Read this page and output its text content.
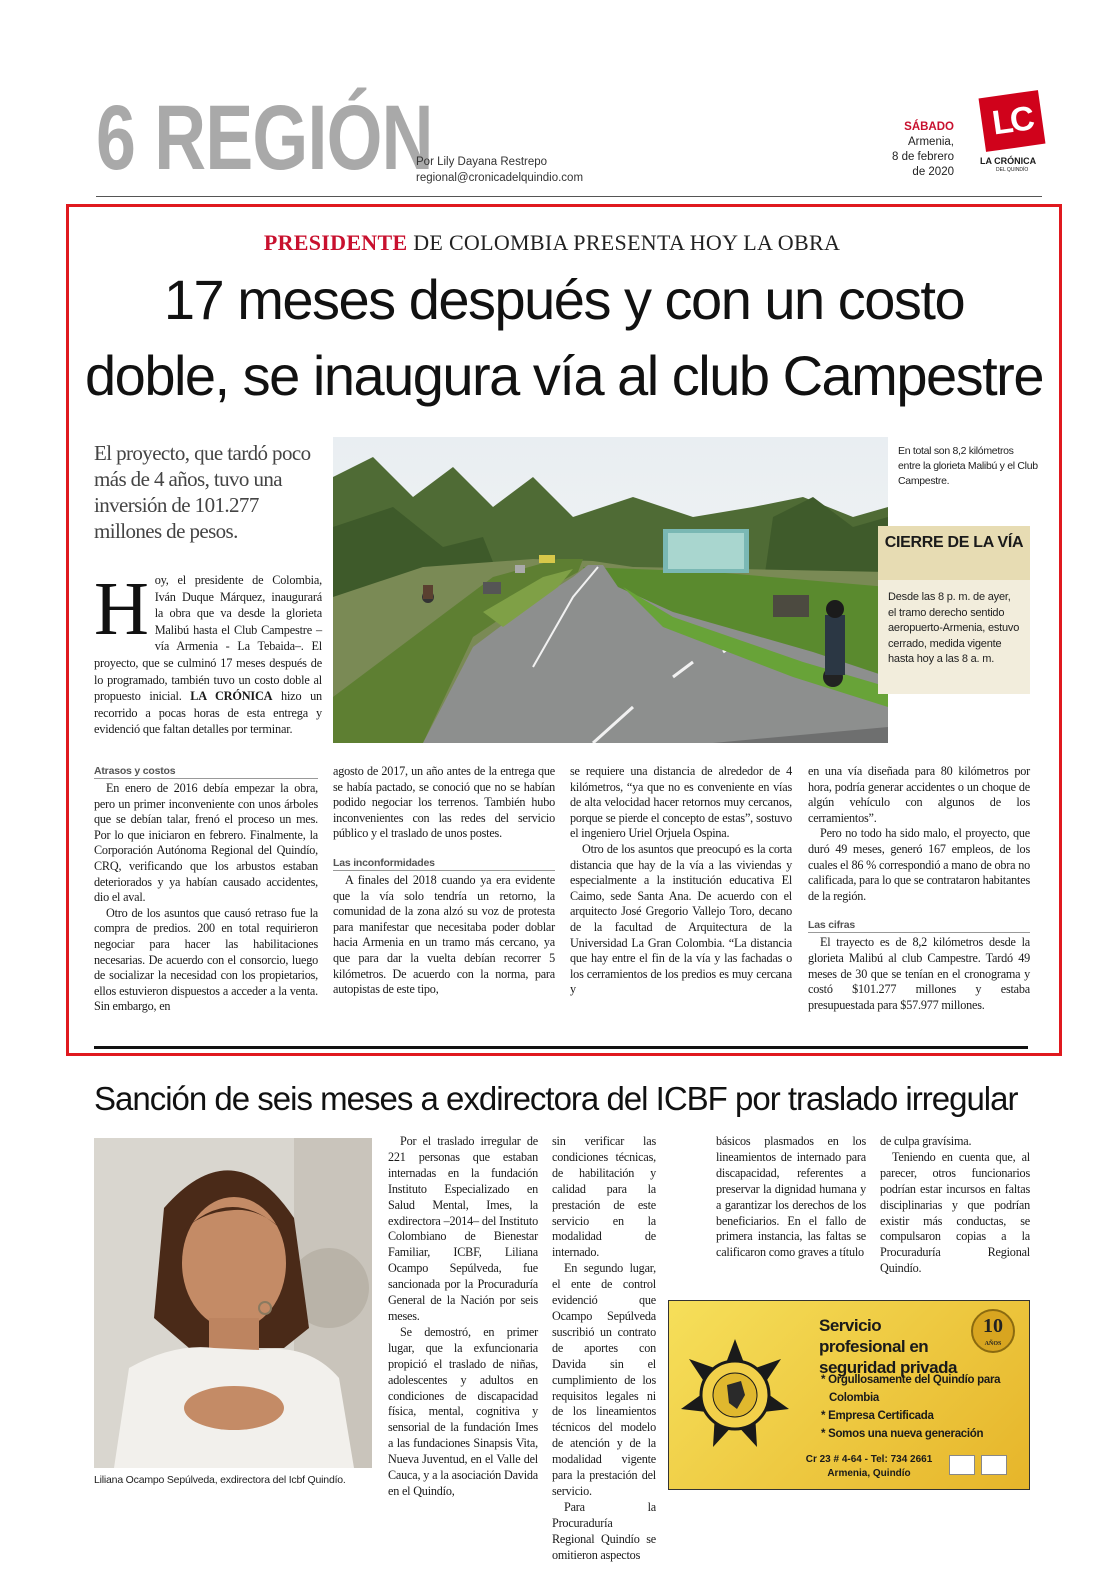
6 REGIÓN
Por Lily Dayana Restrepo
regional@cronicadelquindio.com
SÁBADO
Armenia,
8 de febrero
de 2020
LC
LA CRÓNICA
DEL QUINDÍO
PRESIDENTE DE COLOMBIA PRESENTA HOY LA OBRA
17 meses después y con un costo
doble, se inaugura vía al club Campestre
El proyecto, que tardó poco más de 4 años, tuvo una inversión de 101.277 millones de pesos.
Hoy, el presidente de Colombia, Iván Duque Márquez, inaugurará la obra que va desde la glorieta Malibú hasta el Club Campestre –vía Armenia - La Tebaida–. El proyecto, que se culminó 17 meses después de lo programado, también tuvo un costo doble al propuesto inicial. LA CRÓNICA hizo un recorrido a pocas horas de esta entrega y evidenció que faltan detalles por terminar.
En total son 8,2 kilómetros entre la glorieta Malibú y el Club Campestre.
CIERRE DE LA VÍA
Desde las 8 p. m. de ayer, el tramo derecho sentido aeropuerto-Armenia, estuvo cerrado, medida vigente hasta hoy a las 8 a. m.
Atrasos y costos

En enero de 2016 debía empezar la obra, pero un primer inconveniente con unos árboles que se debían talar, frenó el proceso un mes. Por lo que iniciaron en febrero. Finalmente, la Corporación Autónoma Regional del Quindío, CRQ, verificando que los arbustos estaban deteriorados y ya habían causado accidentes, dio el aval.

Otro de los asuntos que causó retraso fue la compra de predios. 200 en total requirieron negociar para hacer las habilitaciones necesarias. De acuerdo con el consorcio, luego de socializar la necesidad con los propietarios, ellos estuvieron dispuestos a acceder a la venta. Sin embargo, en

agosto de 2017, un año antes de la entrega que se había pactado, se conoció que no se habían podido negociar los terrenos. También hubo inconvenientes con las redes del servicio público y el traslado de unos postes.

Las inconformidades

A finales del 2018 cuando ya era evidente que la vía solo tendría un retorno, la comunidad de la zona alzó su voz de protesta para manifestar que necesitaba poder doblar hacia Armenia en un tramo más cercano, ya que para dar la vuelta debían recorrer 5 kilómetros. De acuerdo con la norma, para autopistas de este tipo,

se requiere una distancia de alrededor de 4 kilómetros, “ya que no es conveniente en vías de alta velocidad hacer retornos muy cercanos, porque se pierde el concepto de estas”, sostuvo el ingeniero Uriel Orjuela Ospina.

Otro de los asuntos que preocupó es la corta distancia que hay de la vía a las viviendas y especialmente a la institución educativa El Caimo, sede Santa Ana. De acuerdo con el arquitecto José Gregorio Vallejo Toro, decano de la facultad de Arquitectura de la Universidad La Gran Colombia. “La distancia que hay entre el fin de la vía y las fachadas o los cerramientos de los predios es muy cercana y

en una vía diseñada para 80 kilómetros por hora, podría generar accidentes o un choque de algún vehículo con algunos de los cerramientos”.

Pero no todo ha sido malo, el proyecto, que duró 49 meses, generó 167 empleos, de los cuales el 86 % correspondió a mano de obra no calificada, para lo que se contrataron habitantes de la región.

Las cifras

El trayecto es de 8,2 kilómetros desde la glorieta Malibú al club Campestre. Tardó 49 meses de 30 que se tenían en el cronograma y costó $101.277 millones y estaba presupuestada para $57.977 millones.

Sanción de seis meses a exdirectora del ICBF por traslado irregular
Liliana Ocampo Sepúlveda, exdirectora del Icbf Quindío.

Por el traslado irregular de 221 personas que estaban internadas en la fundación Instituto Especializado en Salud Mental, Imes, la exdirectora –2014– del Instituto Colombiano de Bienestar Familiar, ICBF, Liliana Ocampo Sepúlveda, fue sancionada por la Procuraduría General de la Nación por seis meses.

Se demostró, en primer lugar, que la exfuncionaria propició el traslado de niñas, adolescentes y adultos en condiciones de discapacidad física, mental, cognitiva y sensorial de la fundación Imes a las fundaciones Sinapsis Vita, Nueva Juventud, en el Valle del Cauca, y a la asociación Davida en el Quindío,

sin verificar las condiciones técnicas, de habilitación y calidad para la prestación de este servicio en la modalidad de internado.

En segundo lugar, el ente de control evidenció que Ocampo Sepúlveda suscribió un contrato de aportes con Davida sin el cumplimiento de los requisitos legales ni de los lineamientos técnicos del modelo de atención y de la modalidad vigente para la prestación del servicio.

Para la Procuraduría Regional Quindío se omitieron aspectos

básicos plasmados en los lineamientos de internado para discapacidad, referentes a preservar la dignidad humana y a garantizar los derechos de los beneficiarios. En el fallo de primera instancia, las faltas se calificaron como graves a título

de culpa gravísima.

Teniendo en cuenta que, al parecer, otros funcionarios podrían estar incursos en faltas disciplinarias y que podrían existir más conductas, se compulsaron copias a la Procuraduría Regional Quindío.

Servicio profesional en seguridad privada
10
AÑOS
* Orgullosamente del Quindío para Colombia
* Empresa Certificada
* Somos una nueva generación
Cr 23 # 4-64 - Tel: 734 2661
Armenia, Quindío
